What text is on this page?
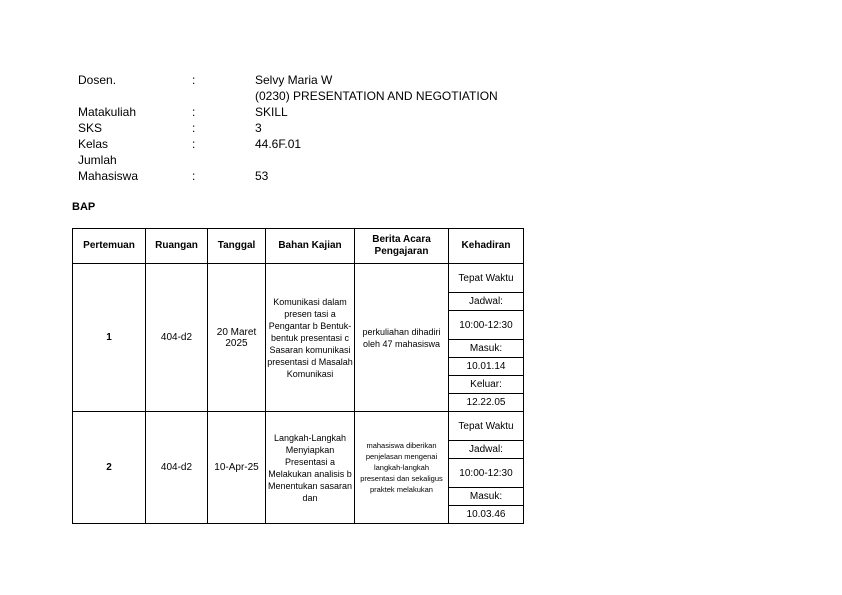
Dosen.	:	Selvy Maria W
(0230) PRESENTATION AND NEGOTIATION
Matakuliah	:	SKILL
SKS	:	3
Kelas	:	44.6F.01
Jumlah
Mahasiswa	:	53
BAP
Pertemuan	Ruangan	Tanggal	Bahan Kajian	Berita Acara Pengajaran	Kehadiran
1	404-d2	20 Maret 2025	Komunikasi dalam presen tasi a Pengantar b Bentuk-bentuk presentasi c Sasaran komunikasi presentasi d Masalah Komunikasi	perkuliahan dihadiri oleh 47 mahasiswa	Tepat Waktu
					Jadwal:
					10:00-12:30
					Masuk:
					10.01.14
					Keluar:
					12.22.05
2	404-d2	10-Apr-25	Langkah-Langkah Menyiapkan Presentasi a Melakukan analisis b Menentukan sasaran dan	mahasiswa diberikan penjelasan mengenai langkah-langkah presentasi dan sekaligus praktek melakukan	Tepat Waktu
					Jadwal:
					10:00-12:30
					Masuk:
					10.03.46
